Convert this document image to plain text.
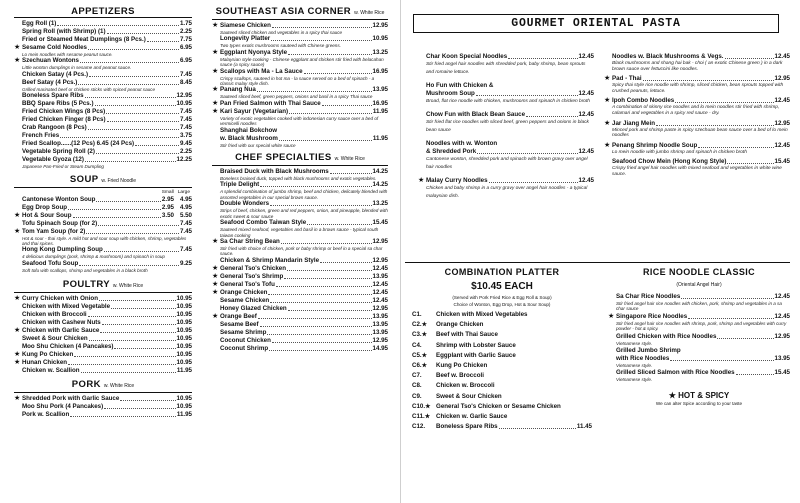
APPETIZERS
Egg Roll (1)	1.75
Spring Roll (with Shrimp) (1)	2.25
Fried or Steamed Meat Dumplings (8 Pcs.)	7.75
★ Sesame Cold Noodles	6.95
Lo mein noodles with sesame peanut sauce.
★ Szechuan Wontons	6.95
Little wonton dumplings in sesame and peanut sauce.
Chicken Satay (4 Pcs.)	7.45
Beef Satay (4 Pcs.)	8.45
Grilled marinated beef or chicken sticks with spiced peanut sauce
Boneless Spare Ribs	12.95
BBQ Spare Ribs (5 Pcs.)	10.95
Fried Chicken Wings (8 Pcs)	7.45
Fried Chicken Finger (8 Pcs)	7.45
Crab Rangoon (8 Pcs)	7.45
French Fries	3.75
Fried Scallop......(12 Pcs) 6.45 (24 Pcs)	9.45
Vegetable Spring Roll (2)	2.25
Vegetable Gyoza (12)	12.25
Japanese Pan-Fried or Steam Dumpling
SOUP w. Fried Noodle
Small Large
Cantonese Wonton Soup	2.95 4.95
Egg Drop Soup	2.95 4.95
★ Hot & Sour Soup	3.50 5.50
Tofu Spinach Soup (for 2)	7.45
★ Tom Yam Soup (for 2)	7.45
Hot & sour - thai style. A mild hot and sour soup with chicken, shrimp, vegetables and thai spices.
Hong Kong Dumpling Soup	7.45
4 delicious dumplings (pork, shrimp & mushroom) and spinach in soup
Seafood Tofu Soup	9.25
Soft tofu with scallops, shrimp and vegetables in a black broth
POULTRY w. White Rice
★ Curry Chicken with Onion	10.95
Chicken with Mixed Vegetable	10.95
Chicken with Broccoli	10.95
Chicken with Cashew Nuts	10.95
★ Chicken with Garlic Sauce	10.95
Sweet & Sour Chicken	10.95
Moo Shu Chicken (4 Pancakes)	10.95
★ Kung Po Chicken	10.95
★ Hunan Chicken	10.95
Chicken w. Scallion	11.95
PORK w. White Rice
★ Shredded Pork with Garlic Sauce	10.95
Moo Shu Pork (4 Pancakes)	10.95
Pork w. Scallion	11.95
SOUTHEAST ASIA CORNER w. White Rice
★ Siamese Chicken	12.95
Sauteed sliced chicken and vegetables in a spicy thai sauce
Longevity Platter	10.95
Two types exotic mushrooms sauteed with Chinese greens.
★ Eggplant Nyonya Style	13.25
Malaysian style cooking - Chinese eggplant and chicken stir fried with belacahan sauce (a spicy sauce)
★ Scallops with Ma - La Sauce	16.95
Crispy scallops, sauteed in hot ma - la sauce served on a bed of spinach - a classic malay style dish.
★ Panang Nua	13.95
Sauteed sliced beef, green peppers, onions and basil in a spicy Thai sauce
★ Pan Fried Salmon with Thai Sauce	16.95
★ Kari Sayur (Vegetarian)	11.95
Variety of exotic vegetables cooked with indonesian curry sauce over a bed of vermicelli noodles
Shanghai Bokchow
w. Black Mushroom	11.95
Stir fried with our special white sauce
CHEF SPECIALTIES w. White Rice
Braised Duck with Black Mushrooms	14.25
Boneless braised duck, topped with black mushrooms and exotic vegetables.
Triple Delight	14.25
A splendid combination of jumbo shrimp, beef and chicken, delicately blended with assorted vegetables in our special brown sauce.
Double Wonders	13.25
Strips of beef, chicken, green and red peppers, onion, and pineapple, blended with exotic sweet & sour sauce
Seafood Combo Taiwan Style	15.45
Sauteed mixed seafood, vegetables and basil in a brown sauce - typical south taiwan cooking
★ Sa Char String Bean	12.95
Stir fried with choice of chicken, pork or baby shrimp or beef in a special sa char sauce.
Chicken & Shrimp Mandarin Style	12.95
★ General Tso's Chicken	12.45
★ General Tso's Shrimp	13.95
★ General Tso's Tofu	12.45
★ Orange Chicken	12.45
Sesame Chicken	12.45
Honey Glazed Chicken	12.95
★ Orange Beef	13.95
Sesame Beef	13.95
Sesame Shrimp	13.95
Coconut Chicken	12.95
Coconut Shrimp	14.95
GOURMET ORIENTAL PASTA
Char Koon Special Noodles	12.45
Stir fried angel hair noodles with shredded pork, baby shrimp, bean sprouts and romaine lettuce.
Ho Fun with Chicken &
Mushroom Soup	12.45
Broad, flat rice noodle with chicken, mushrooms and spinach in chicken broth
Chow Fun with Black Bean Sauce	12.45
Stir fried flat rice noodles with sliced beef, green peppers and onions in black bean sauce
Noodles with w. Wonton
& Shredded Pork	12.45
Cantonese wonton, shredded pork and spinach with brown gravy over angel hair noodles
★ Malay Curry Noodles	12.45
Chicken and baby shrimp in a curry gravy over angel hair noodles - a typical malaysian dish.
Noodles w. Black Mushrooms & Vegs.	12.45
Black mushrooms and shang hai bak - choi ( an exotic Chinese green ) in a dark brown sauce over fettuccini like noodles.
★ Pad - Thai	12.95
Spicy thai style rice noodle with shrimp, sliced chicken, bean sprouts topped with crushed peanuts, lettuce.
★ Ipoh Combo Noodles	12.45
A combination of skinny rice noodles and lo mein noodles stir fried with shrimp, calamari and vegetables in a spicy red sauce - dry.
★ Jar Jiang Mein	12.95
Minced pork and shrimp paste in spicy szechuan bean sauce over a bed of lo mein noodles
★ Penang Shrimp Noodle Soup	12.45
Lo mein noodle with jumbo shrimp and spinach in chicken broth
Seafood Chow Mein (Hong Kong Style)	15.45
Crispy fried angel hair noodles with mixed seafood and vegetables in white wine sauce.
COMBINATION PLATTER
$10.45 EACH
(Served with Pork Fried Rice & Egg Roll & Soup)
Choice of Wonton, Egg Drop, Hot & Sour Soup)
C1.	Chicken with Mixed Vegetables
C2.★	Orange Chicken
C3.★	Beef with Thai Sauce
C4.	Shrimp with Lobster Sauce
C5.★	Eggplant with Garlic Sauce
C6.★	Kung Po Chicken
C7.	Beef w. Broccoli
C8.	Chicken w. Broccoli
C9.	Sweet & Sour Chicken
C10.★ General Tso's Chicken or Sesame Chicken
C11.★ Chicken w. Garlic Sauce
C12.	Boneless Spare Ribs	11.45
RICE NOODLE CLASSIC
(Oriental Angel Hair)
Sa Char Rice Noodles	12.45
Stir fried angel hair rice noodles with chicken, pork, shrimp and vegetables in a sa char sauce
★ Singapore Rice Noodles	12.45
Stir fried angel hair rice noodles with shrimp, pork, shrimp and vegetables with curry powder - hot & spicy.
Grilled Chicken with Rice Noodles	12.95
Vietnamese style.
Grilled Jumbo Shrimp
with Rice Noodles	13.95
Vietnamese style.
Grilled Sliced Salmon with Rice Noodles	15.45
Vietnamese style.
★ HOT & SPICY
We can alter Spice according to your taste
